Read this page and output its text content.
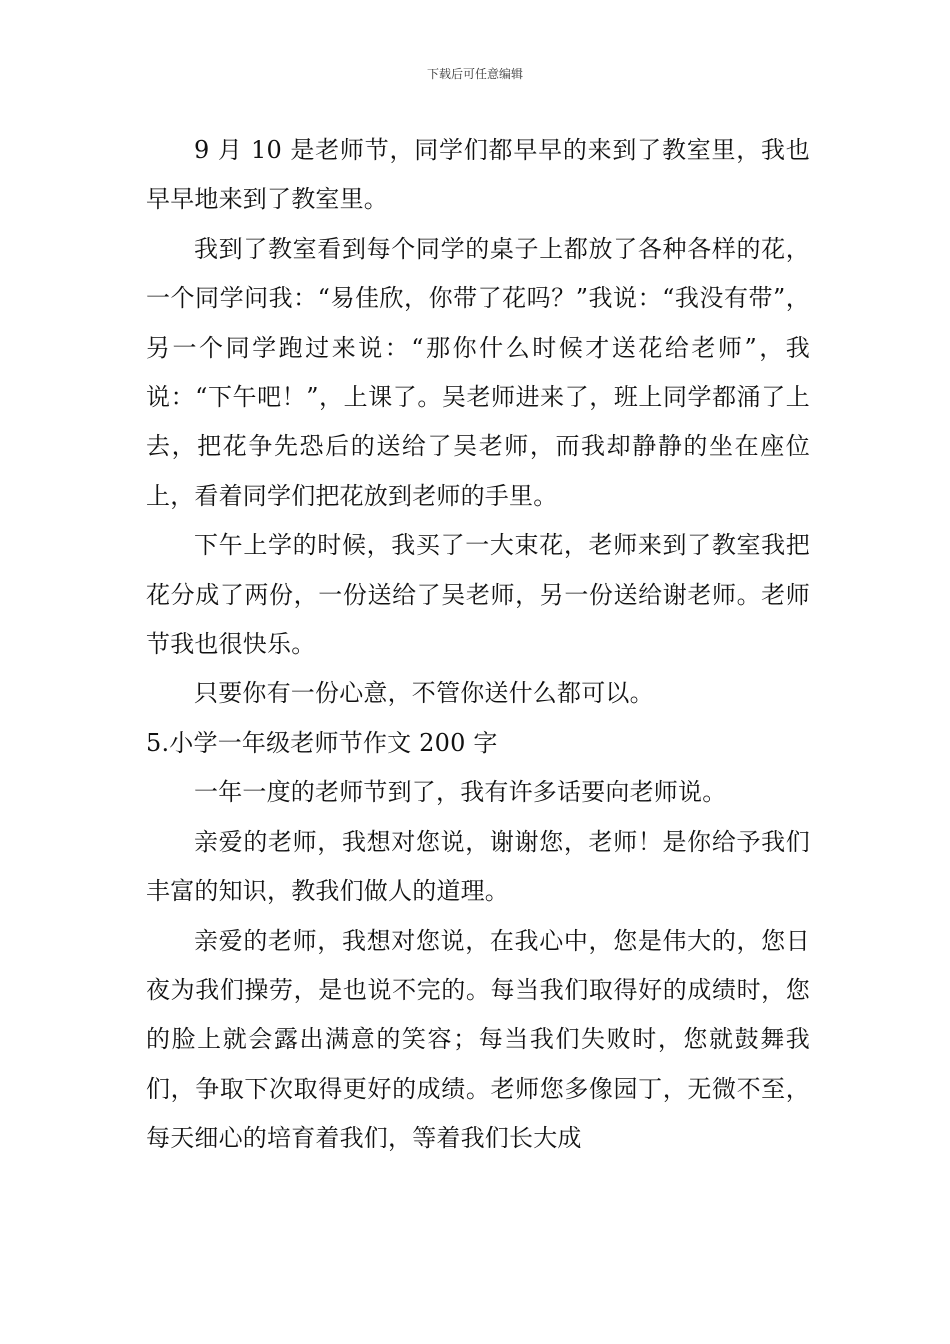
下载后可任意编辑

9 月 10 是老师节，同学们都早早的来到了教室里，我也早早地来到了教室里。

我到了教室看到每个同学的桌子上都放了各种各样的花，一个同学问我：“易佳欣，你带了花吗？”我说：“我没有带”，另一个同学跑过来说：“那你什么时候才送花给老师”，我说：“下午吧！”，上课了。吴老师进来了，班上同学都涌了上去，把花争先恐后的送给了吴老师，而我却静静的坐在座位上，看着同学们把花放到老师的手里。

下午上学的时候，我买了一大束花，老师来到了教室我把花分成了两份，一份送给了吴老师，另一份送给谢老师。老师节我也很快乐。

只要你有一份心意，不管你送什么都可以。

5.小学一年级老师节作文 200 字

一年一度的老师节到了，我有许多话要向老师说。

亲爱的老师，我想对您说，谢谢您，老师！是你给予我们丰富的知识，教我们做人的道理。

亲爱的老师，我想对您说，在我心中，您是伟大的，您日夜为我们操劳，是也说不完的。每当我们取得好的成绩时，您的脸上就会露出满意的笑容；每当我们失败时，您就鼓舞我们，争取下次取得更好的成绩。老师您多像园丁，无微不至，每天细心的培育着我们，等着我们长大成
